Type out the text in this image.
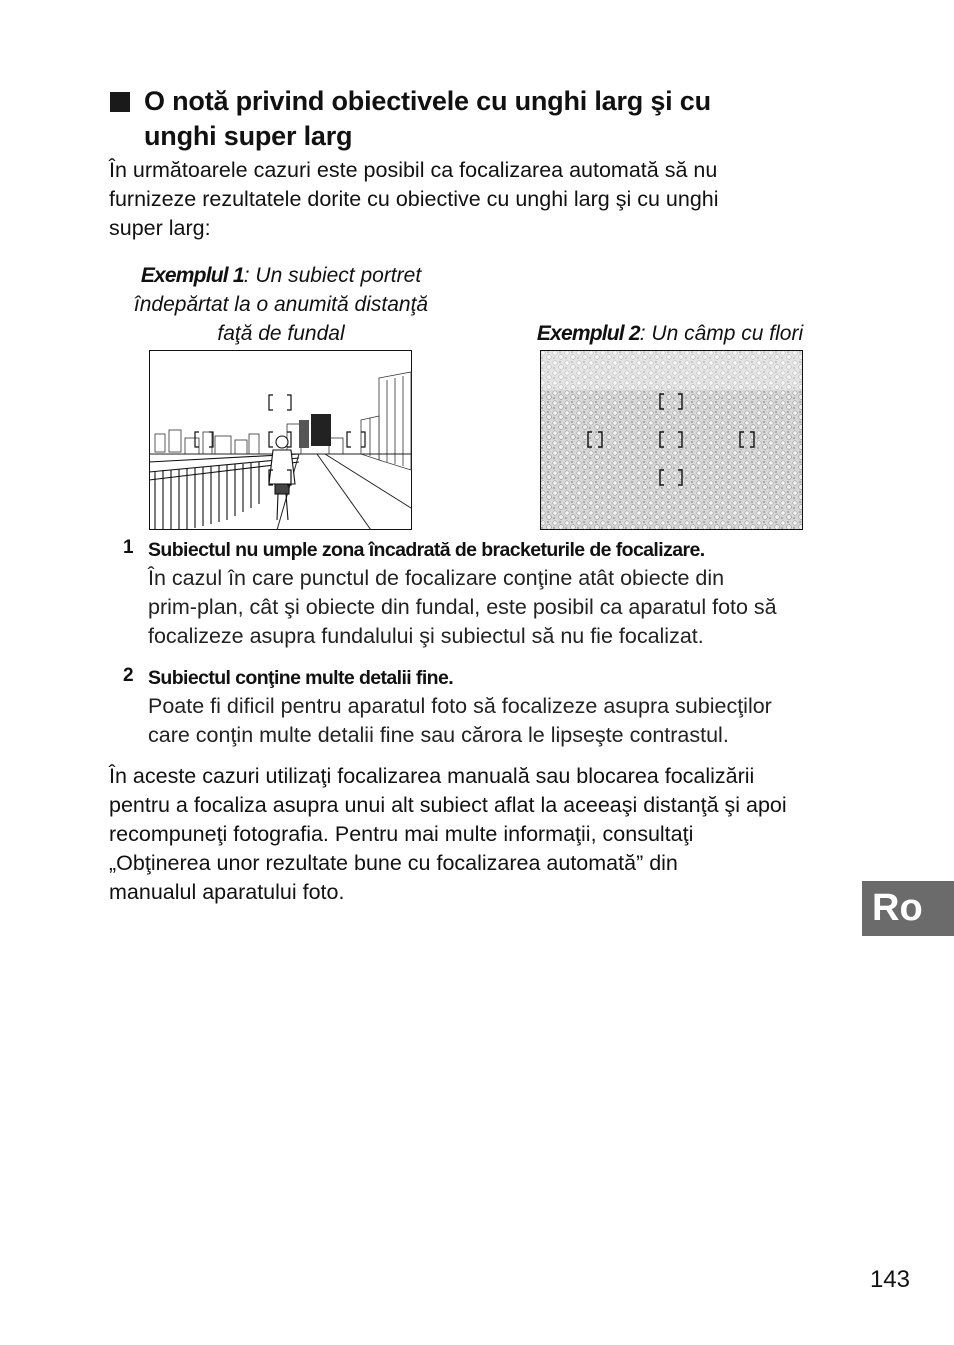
O notă privind obiectivele cu unghi larg şi cu
unghi super larg
În următoarele cazuri este posibil ca focalizarea automată să nu
furnizeze rezultatele dorite cu obiective cu unghi larg şi cu unghi
super larg:
Exemplul 1: Un subiect portret
îndepărtat la o anumită distanţă
faţă de fundal	Exemplul 2: Un câmp cu flori
1 Subiectul nu umple zona încadrată de bracketurile de focalizare.
În cazul în care punctul de focalizare conţine atât obiecte din
prim-plan, cât şi obiecte din fundal, este posibil ca aparatul foto să
focalizeze asupra fundalului şi subiectul să nu fie focalizat.
2 Subiectul conţine multe detalii fine.
Poate fi dificil pentru aparatul foto să focalizeze asupra subiecţilor
care conţin multe detalii fine sau cărora le lipseşte contrastul.
În aceste cazuri utilizaţi focalizarea manuală sau blocarea focalizării
pentru a focaliza asupra unui alt subiect aflat la aceeaşi distanţă şi apoi
recompuneţi fotografia. Pentru mai multe informaţii, consultaţi
„Obţinerea unor rezultate bune cu focalizarea automată” din
manualul aparatului foto.	Ro
143
